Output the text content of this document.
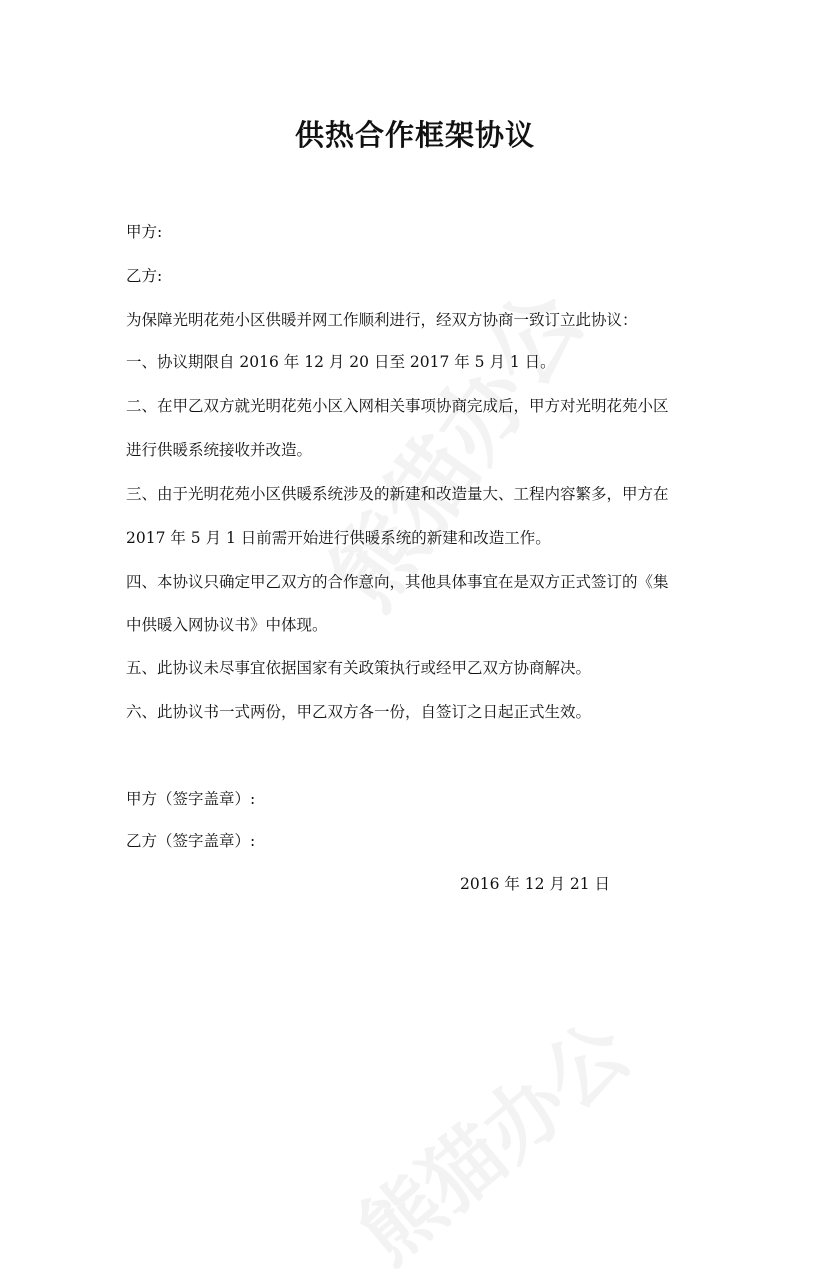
供热合作框架协议
甲方:
乙方:
为保障光明花苑小区供暖并网工作顺利进行，经双方协商一致订立此协议：
一、协议期限自 2016 年 12 月 20 日至 2017 年 5 月 1 日。
二、在甲乙双方就光明花苑小区入网相关事项协商完成后，甲方对光明花苑小区
进行供暖系统接收并改造。
三、由于光明花苑小区供暖系统涉及的新建和改造量大、工程内容繁多，甲方在
2017 年 5 月 1 日前需开始进行供暖系统的新建和改造工作。
四、本协议只确定甲乙双方的合作意向，其他具体事宜在是双方正式签订的《集
中供暖入网协议书》中体现。
五、此协议未尽事宜依据国家有关政策执行或经甲乙双方协商解决。
六、此协议书一式两份，甲乙双方各一份，自签订之日起正式生效。
甲方（签字盖章）:
乙方（签字盖章）:
2016 年 12 月 21 日
